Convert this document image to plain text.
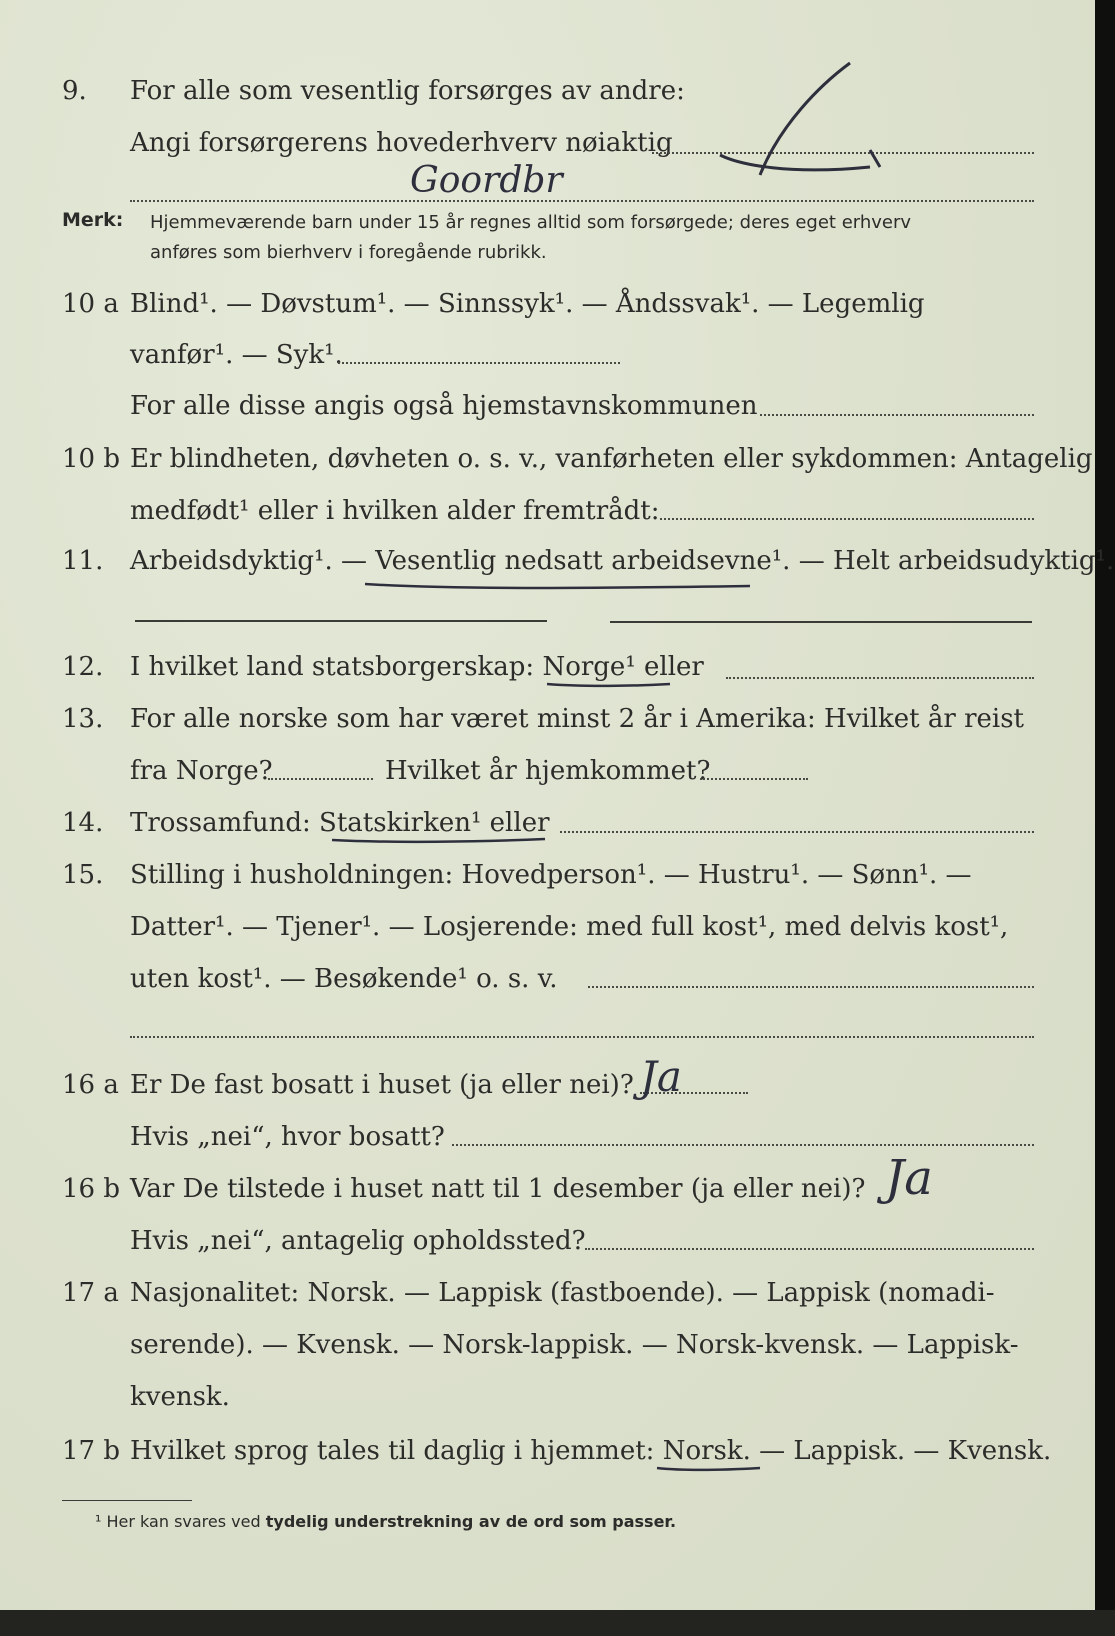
9. For alle som vesentlig forsørges av andre:
Angi forsørgerens hovederhverv nøiaktig
Goordbr
Merk: Hjemmeværende barn under 15 år regnes alltid som forsørgede; deres eget erhverv
anføres som bierhverv i foregående rubrikk.
10 a Blind¹. — Døvstum¹. — Sinnssyk¹. — Åndssvak¹. — Legemlig
vanfør¹. — Syk¹.
For alle disse angis også hjemstavnskommunen
10 b Er blindheten, døvheten o. s. v., vanførheten eller sykdommen: Antagelig
medfødt¹ eller i hvilken alder fremtrådt:
11. Arbeidsdyktig¹. — Vesentlig nedsatt arbeidsevne¹. — Helt arbeidsudyktig¹.
12. I hvilket land statsborgerskap: Norge¹ eller
13. For alle norske som har været minst 2 år i Amerika: Hvilket år reist
fra Norge?	Hvilket år hjemkommet?
14. Trossamfund: Statskirken¹ eller
15. Stilling i husholdningen: Hovedperson¹. — Hustru¹. — Sønn¹. —
Datter¹. — Tjener¹. — Losjerende: med full kost¹, med delvis kost¹,
uten kost¹. — Besøkende¹ o. s. v.
16 a Er De fast bosatt i huset (ja eller nei)? Ja
Hvis „nei“, hvor bosatt?
16 b Var De tilstede i huset natt til 1 desember (ja eller nei)? Ja
Hvis „nei“, antagelig opholdssted?
17 a Nasjonalitet: Norsk. — Lappisk (fastboende). — Lappisk (nomadi-
serende). — Kvensk. — Norsk-lappisk. — Norsk-kvensk. — Lappisk-
kvensk.
17 b Hvilket sprog tales til daglig i hjemmet: Norsk. — Lappisk. — Kvensk.
¹ Her kan svares ved tydelig understrekning av de ord som passer.
